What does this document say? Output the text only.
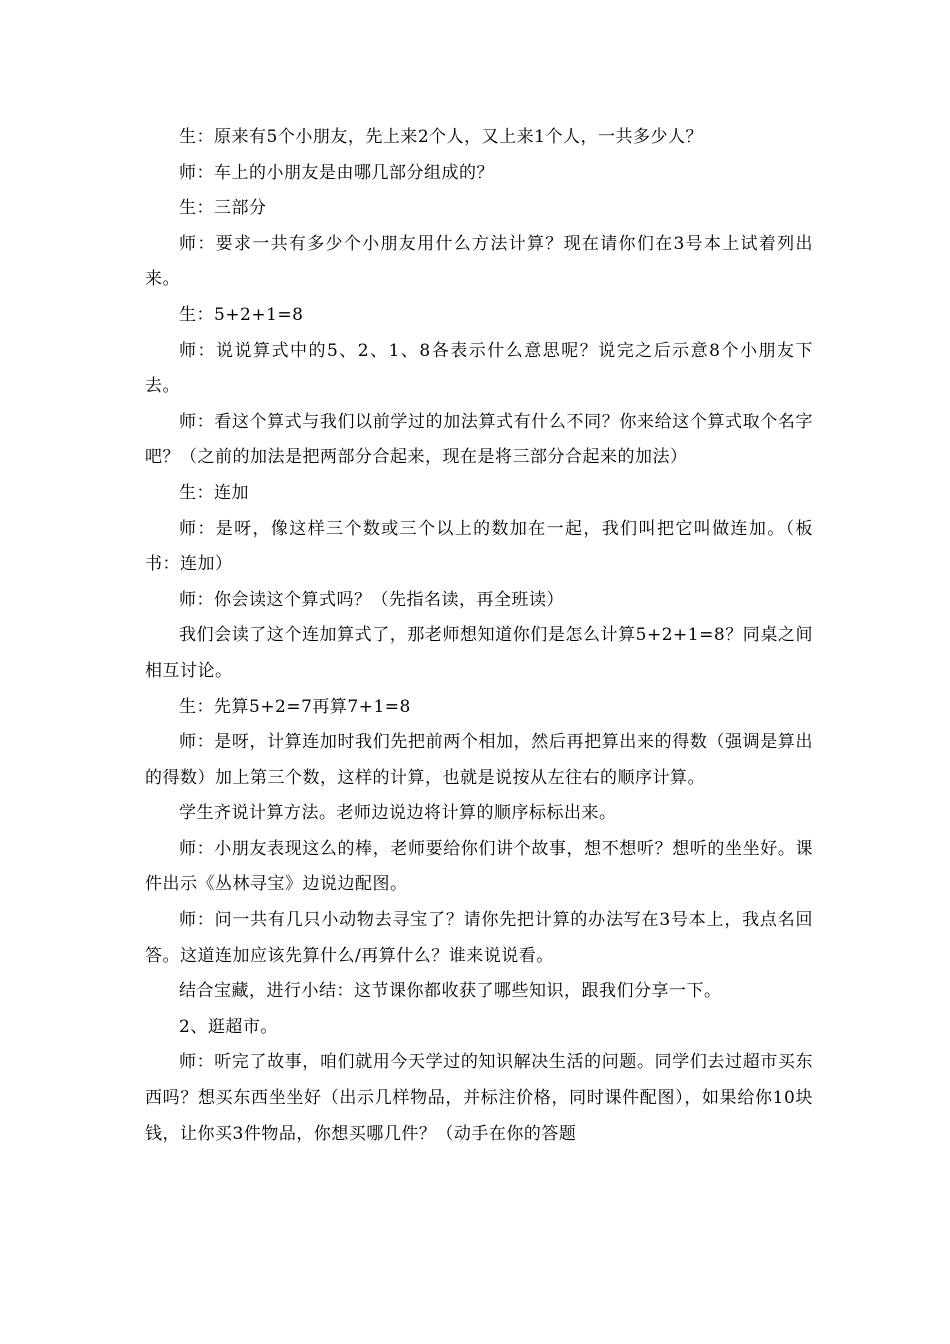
生：原来有5个小朋友，先上来2个人，又上来1个人，一共多少人？

师：车上的小朋友是由哪几部分组成的？

生：三部分

师：要求一共有多少个小朋友用什么方法计算？现在请你们在3号本上试着列出来。

生：5+2+1=8

师：说说算式中的5、2、1、8各表示什么意思呢？说完之后示意8个小朋友下去。

师：看这个算式与我们以前学过的加法算式有什么不同？你来给这个算式取个名字吧？（之前的加法是把两部分合起来，现在是将三部分合起来的加法）

生：连加

师：是呀，像这样三个数或三个以上的数加在一起，我们叫把它叫做连加。（板书：连加）

师：你会读这个算式吗？（先指名读，再全班读）

我们会读了这个连加算式了，那老师想知道你们是怎么计算5+2+1=8？同桌之间相互讨论。

生：先算5+2=7再算7+1=8

师：是呀，计算连加时我们先把前两个相加，然后再把算出来的得数（强调是算出的得数）加上第三个数，这样的计算，也就是说按从左往右的顺序计算。

学生齐说计算方法。老师边说边将计算的顺序标标出来。

师：小朋友表现这么的棒，老师要给你们讲个故事，想不想听？想听的坐坐好。课件出示《丛林寻宝》边说边配图。

师：问一共有几只小动物去寻宝了？请你先把计算的办法写在3号本上，我点名回答。这道连加应该先算什么/再算什么？谁来说说看。

结合宝藏，进行小结：这节课你都收获了哪些知识，跟我们分享一下。

2、逛超市。

师：听完了故事，咱们就用今天学过的知识解决生活的问题。同学们去过超市买东西吗？想买东西坐坐好（出示几样物品，并标注价格，同时课件配图），如果给你10块钱，让你买3件物品，你想买哪几件？（动手在你的答题
